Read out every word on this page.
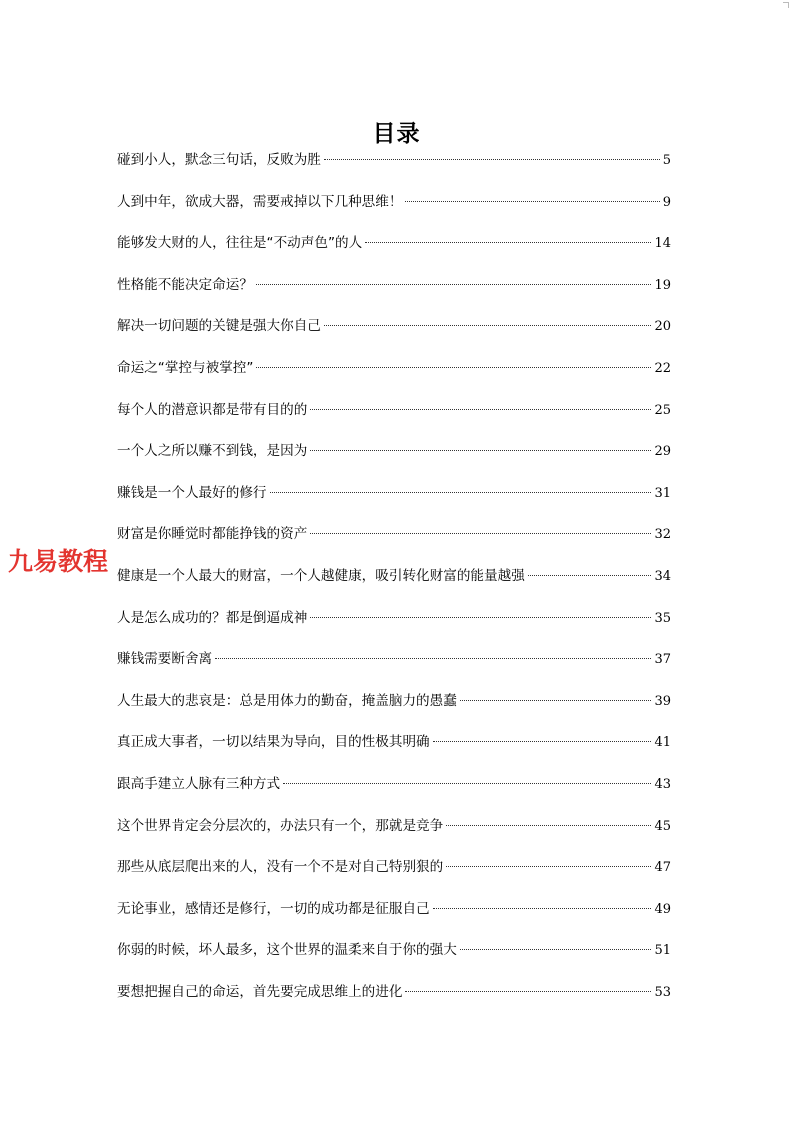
目录
碰到小人，默念三句话，反败为胜	5
人到中年，欲成大器，需要戒掉以下几种思维！	9
能够发大财的人，往往是“不动声色”的人	14
性格能不能决定命运？	19
解决一切问题的关键是强大你自己	20
命运之“掌控与被掌控”	22
每个人的潜意识都是带有目的的	25
一个人之所以赚不到钱，是因为	29
赚钱是一个人最好的修行	31
财富是你睡觉时都能挣钱的资产	32
健康是一个人最大的财富，一个人越健康，吸引转化财富的能量越强	34
人是怎么成功的？都是倒逼成神	35
赚钱需要断舍离	37
人生最大的悲哀是：总是用体力的勤奋，掩盖脑力的愚蠢	39
真正成大事者，一切以结果为导向，目的性极其明确	41
跟高手建立人脉有三种方式	43
这个世界肯定会分层次的，办法只有一个，那就是竞争	45
那些从底层爬出来的人，没有一个不是对自己特别狠的	47
无论事业，感情还是修行，一切的成功都是征服自己	49
你弱的时候，坏人最多，这个世界的温柔来自于你的强大	51
要想把握自己的命运，首先要完成思维上的进化	53
九易教程
